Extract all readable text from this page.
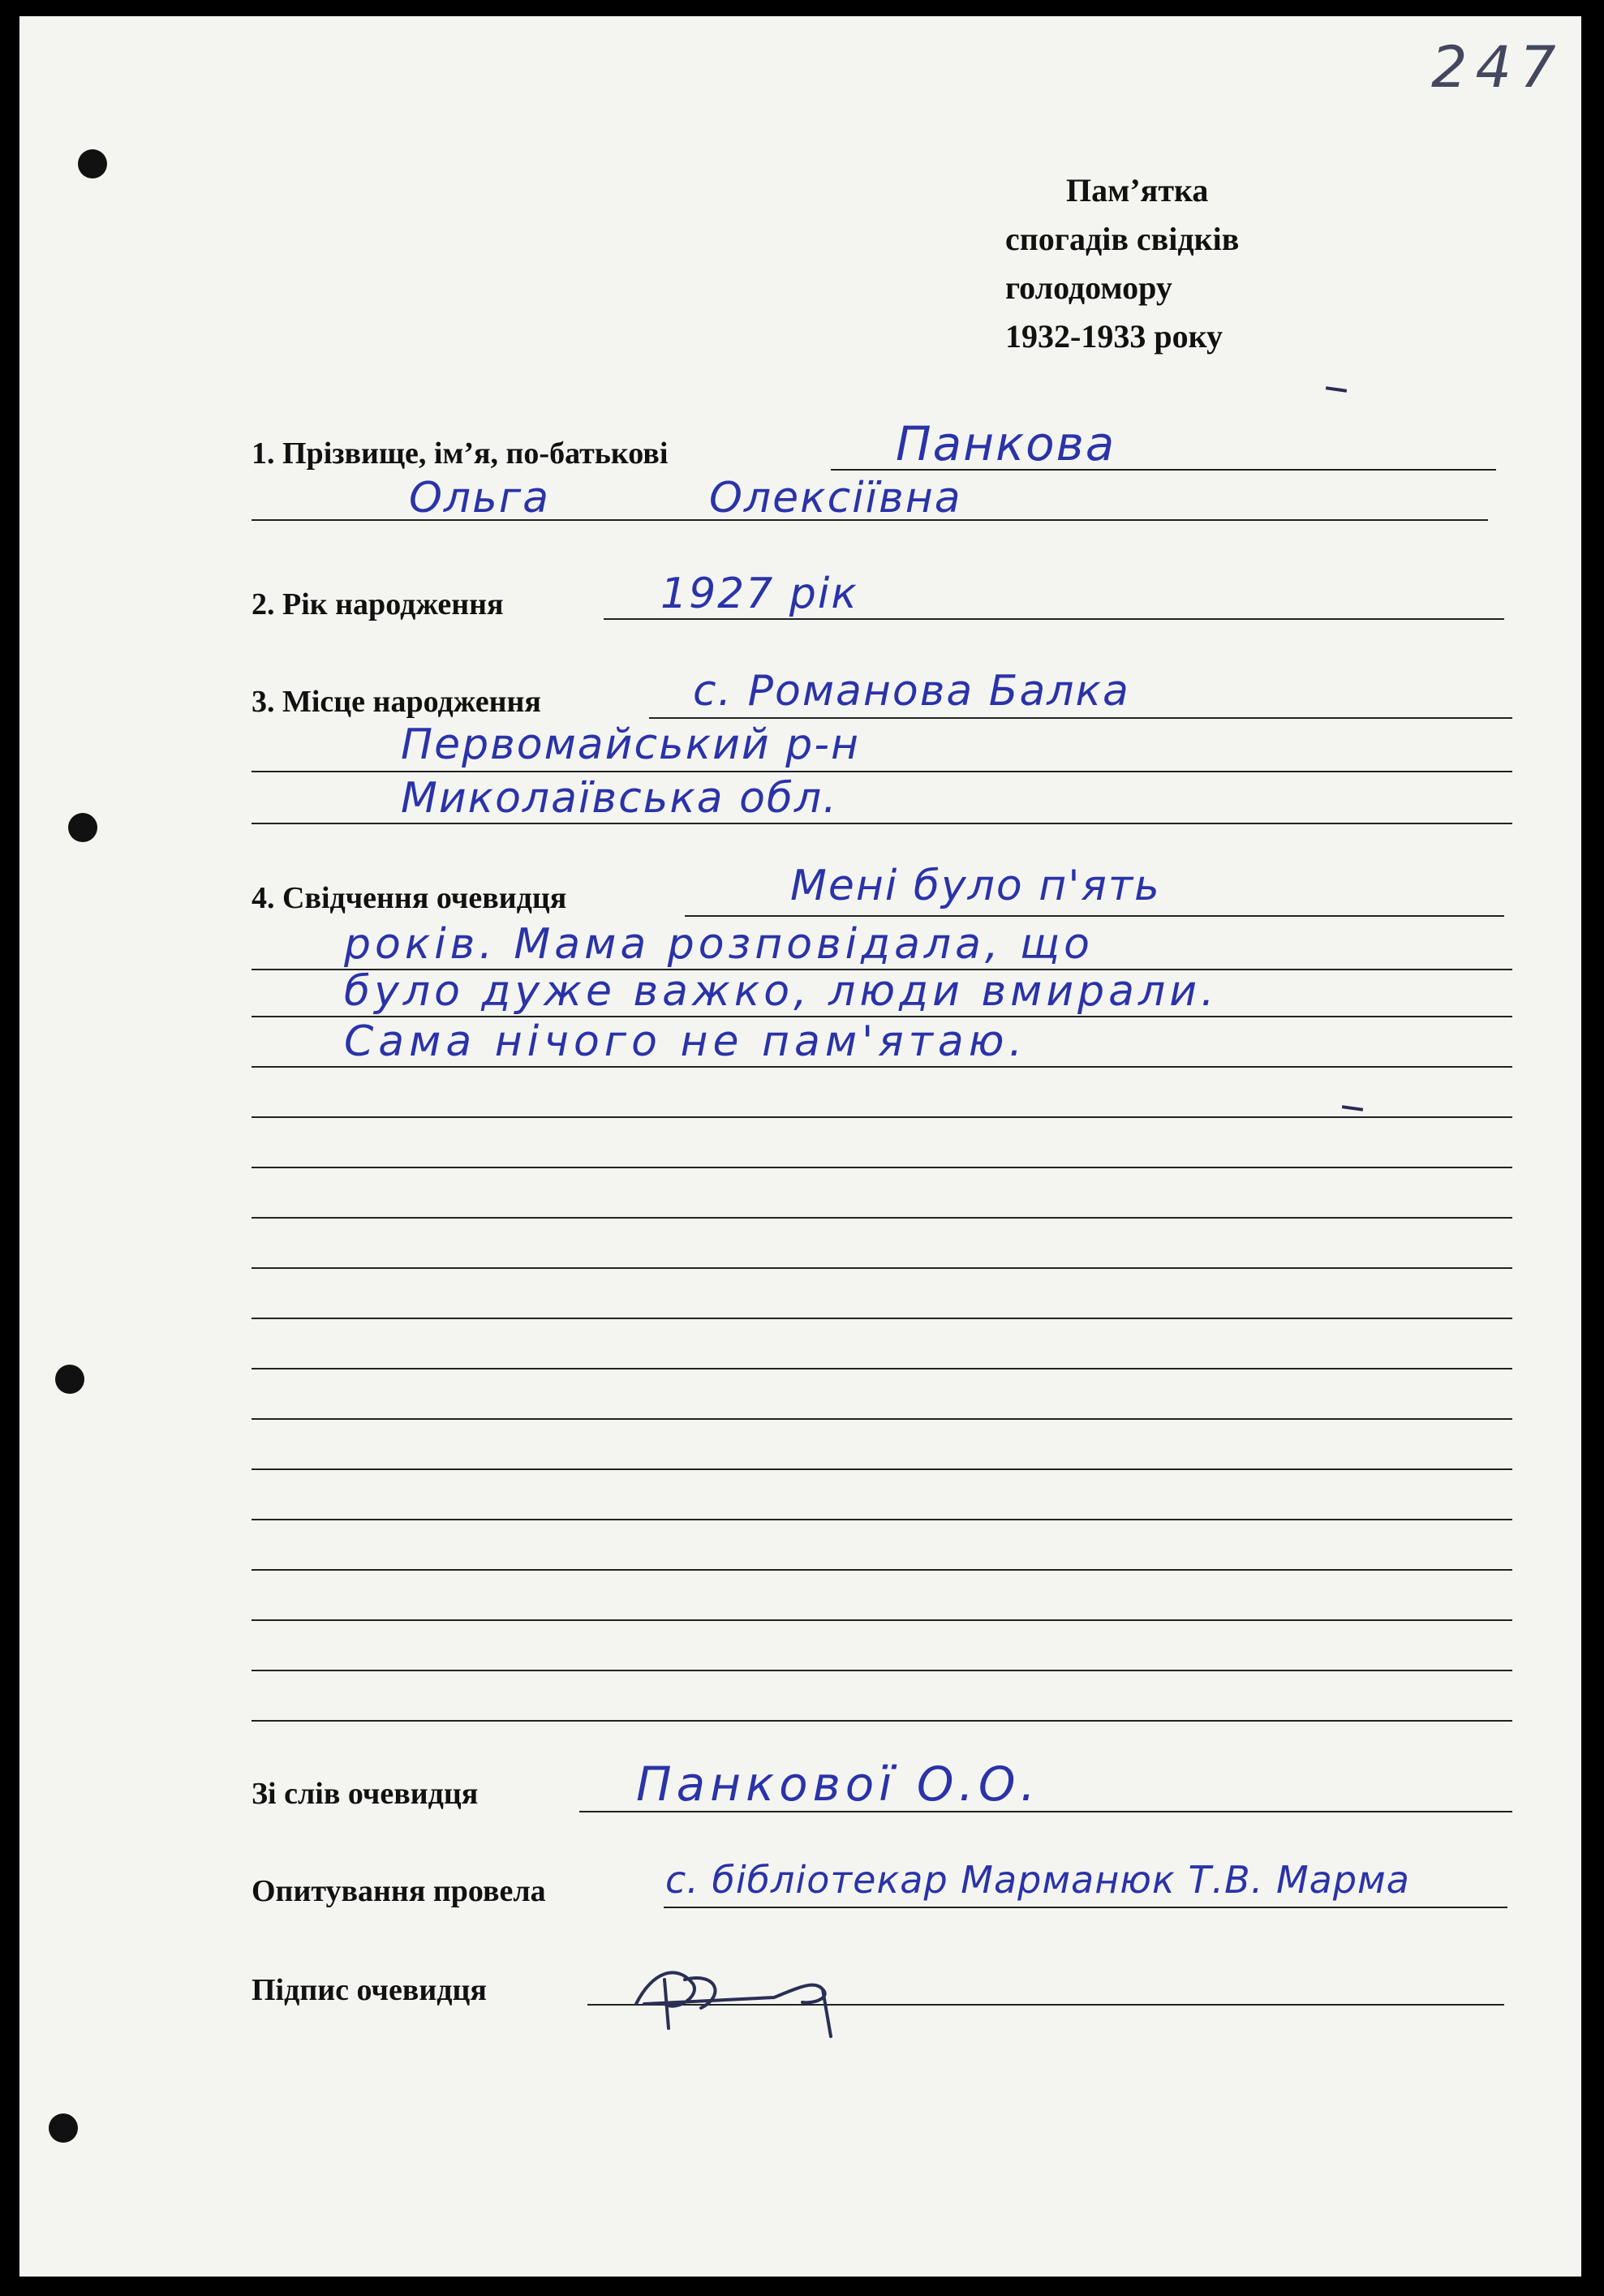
247
Пам’ятка
спогадів свідків
голодомору
1932-1933 року
1. Прізвище, ім’я, по-батькові	Панкова
Ольга	Олексіївна
2. Рік народження	1927 рік
3. Місце народження	с. Романова Балка
Первомайський р-н
Миколаївська обл.
4. Свідчення очевидця	Мені було п'ять
років. Мама розповідала, що
було дуже важко, люди вмирали.
Сама нічого не пам'ятаю.
Зі слів очевидця	Панкової О.О.
Опитування провела	с. бібліотекар Марманюк Т.В. Марма
Підпис очевидця
